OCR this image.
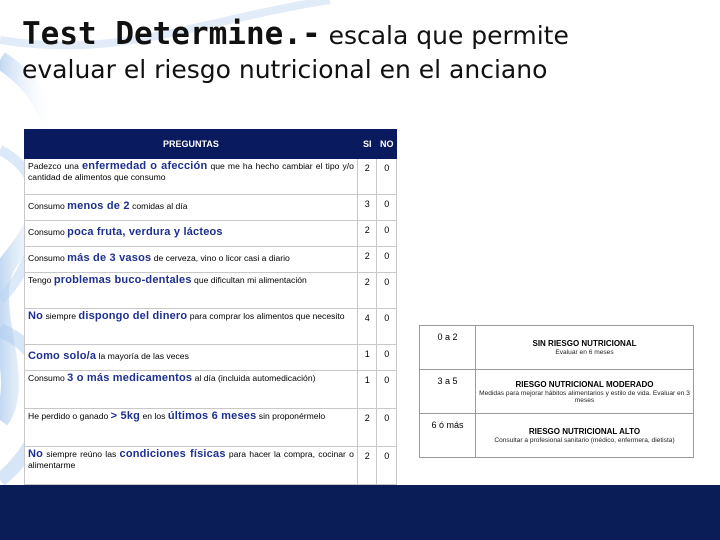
Test Determine.- escala que permite
evaluar el riesgo nutricional en el anciano
PREGUNTAS	SI	NO
Padezco una enfermedad o afección que me ha hecho cambiar el tipo y/o cantidad de alimentos que consumo	2	0
Consumo menos de 2 comidas al día	3	0
Consumo poca fruta, verdura y lácteos	2	0
Consumo más de 3 vasos de cerveza, vino o licor casi a diario	2	0
Tengo problemas buco-dentales que dificultan mi alimentación	2	0
No siempre dispongo del dinero para comprar los alimentos que necesito	4	0
Como solo/a la mayoría de las veces	1	0
Consumo 3 o más medicamentos al día (incluida automedicación)	1	0
He perdido o ganado > 5kg en los últimos 6 meses sin proponérmelo	2	0
No siempre reúno las condiciones físicas para hacer la compra, cocinar o alimentarme	2	0
0 a 2	SIN RIESGO NUTRICIONAL
Evaluar en 6 meses

3 a 5	RIESGO NUTRICIONAL MODERADO
Medidas para mejorar hábitos alimentarios y estilo de vida. Evaluar en 3 meses

6 ó más	RIESGO NUTRICIONAL ALTO
Consultar a profesional sanitario (médico, enfermera, dietista)
